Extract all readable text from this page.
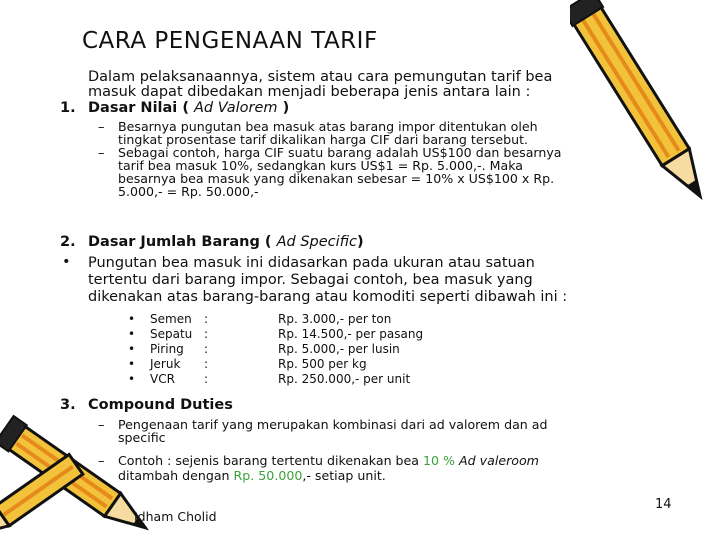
CARA PENGENAAN TARIF
Dalam pelaksanaannya, sistem atau cara pemungutan tarif bea
masuk dapat dibedakan menjadi beberapa jenis antara lain :
1. Dasar Nilai ( Ad Valorem )
– Besarnya pungutan bea masuk atas barang impor ditentukan oleh
tingkat prosentase tarif dikalikan harga CIF dari barang tersebut.
– Sebagai contoh, harga CIF suatu barang adalah US$100 dan besarnya
tarif bea masuk 10%, sedangkan kurs US$1 = Rp. 5.000,-. Maka
besarnya bea masuk yang dikenakan sebesar = 10% x US$100 x Rp.
5.000,- = Rp. 50.000,-
2. Dasar Jumlah Barang ( Ad Specific)
• Pungutan bea masuk ini didasarkan pada ukuran atau satuan
tertentu dari barang impor. Sebagai contoh, bea masuk yang
dikenakan atas barang-barang atau komoditi seperti dibawah ini :
•	Semen	:	Rp. 3.000,- per ton
•	Sepatu	:	Rp. 14.500,- per pasang
•	Piring	:	Rp. 5.000,- per lusin
•	Jeruk	:	Rp. 500 per kg
•	VCR	:	Rp. 250.000,- per unit
3. Compound Duties
– Pengenaan tarif yang merupakan kombinasi dari ad valorem dan ad
specific
– Contoh : sejenis barang tertentu dikenakan bea 10 % Ad valeroom
ditambah dengan Rp. 50.000,- setiap unit.
Idham Cholid
14
